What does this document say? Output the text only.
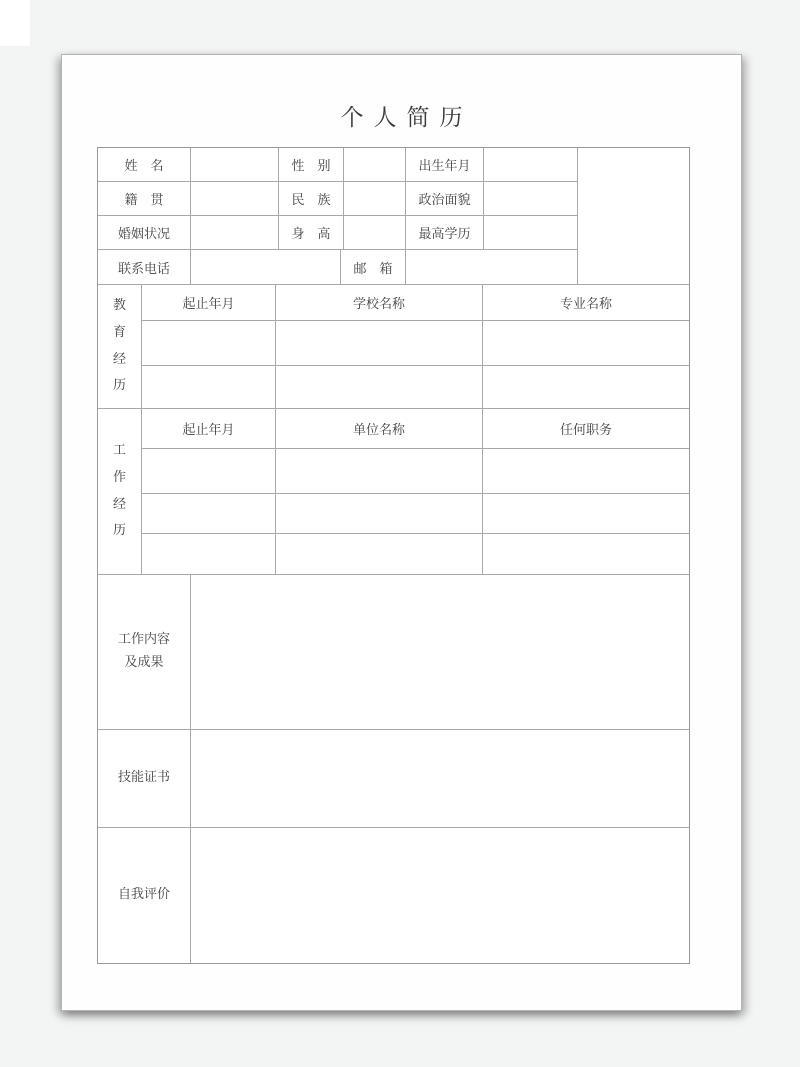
个人简历
姓　名	性　别	出生年月
籍　贯	民　族	政治面貌
婚姻状况	身　高	最高学历
联系电话	邮　箱
教育经历
起止年月	学校名称	专业名称
工作经历
起止年月	单位名称	任何职务
工作内容
及成果
技能证书
自我评价
